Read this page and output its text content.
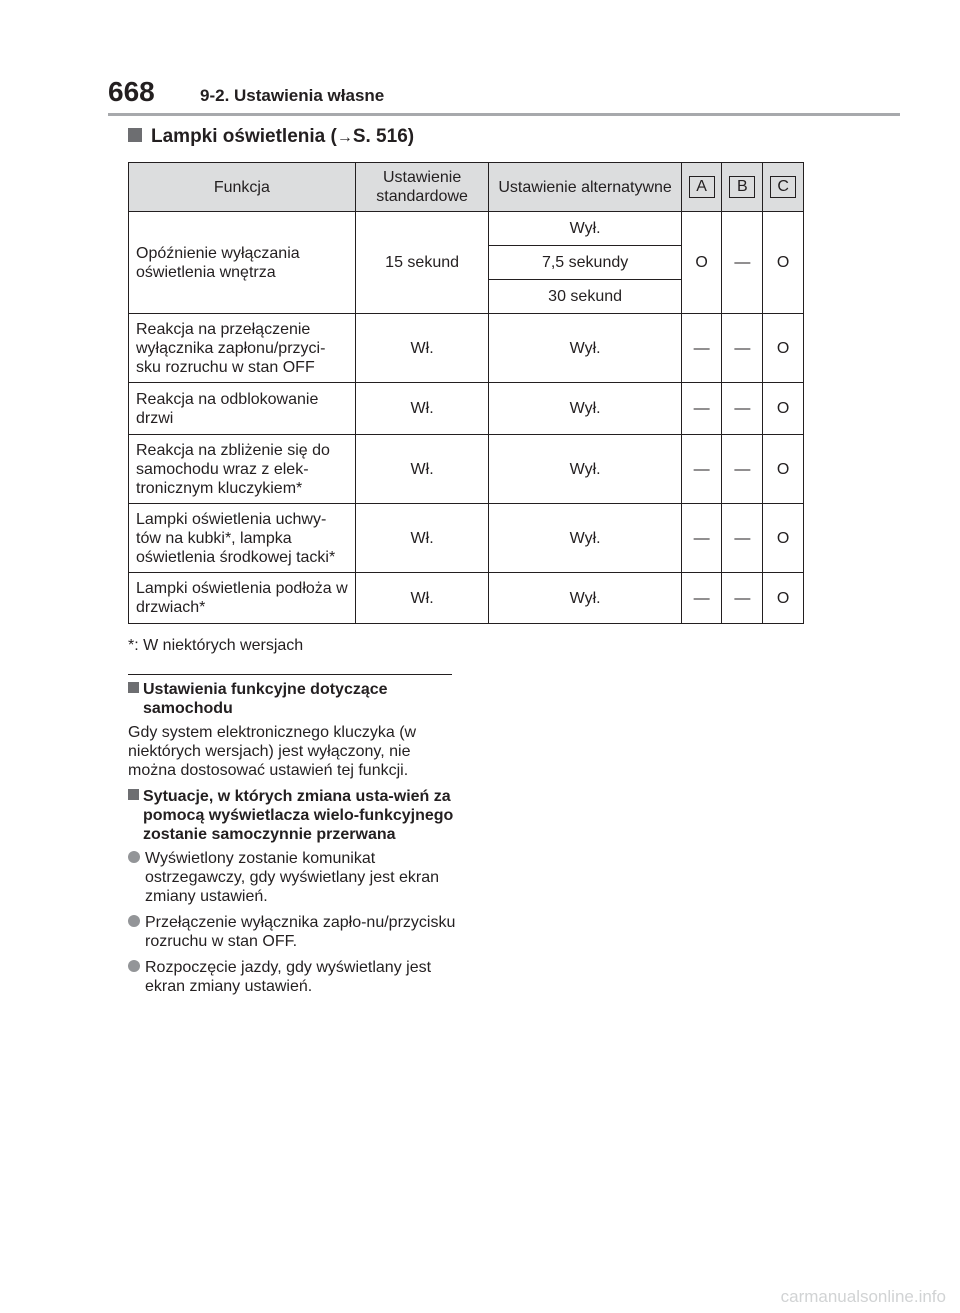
668	9-2. Ustawienia własne
Lampki oświetlenia (→S. 516)
Funkcja	Ustawienie standardowe	Ustawienie alternatywne	A	B	C
Opóźnienie wyłączania oświetlenia wnętrza	15 sekund	Wył.	O	—	O
		7,5 sekundy			
		30 sekund			
Reakcja na przełączenie wyłącznika zapłonu/przyci-sku rozruchu w stan OFF	Wł.	Wył.	—	—	O
Reakcja na odblokowanie drzwi	Wł.	Wył.	—	—	O
Reakcja na zbliżenie się do samochodu wraz z elek-tronicznym kluczykiem*	Wł.	Wył.	—	—	O
Lampki oświetlenia uchwy-tów na kubki*, lampka oświetlenia środkowej tacki*	Wł.	Wył.	—	—	O
Lampki oświetlenia podłoża w drzwiach*	Wł.	Wył.	—	—	O
*: W niektórych wersjach

Ustawienia funkcyjne dotyczące samochodu

Gdy system elektronicznego kluczyka (w niektórych wersjach) jest wyłączony, nie można dostosować ustawień tej funkcji.

Sytuacje, w których zmiana usta-wień za pomocą wyświetlacza wielo-funkcyjnego zostanie samoczynnie przerwana

Wyświetlony zostanie komunikat ostrzegawczy, gdy wyświetlany jest ekran zmiany ustawień.

Przełączenie wyłącznika zapło-nu/przycisku rozruchu w stan OFF.

Rozpoczęcie jazdy, gdy wyświetlany jest ekran zmiany ustawień.

carmanualsonline.info
